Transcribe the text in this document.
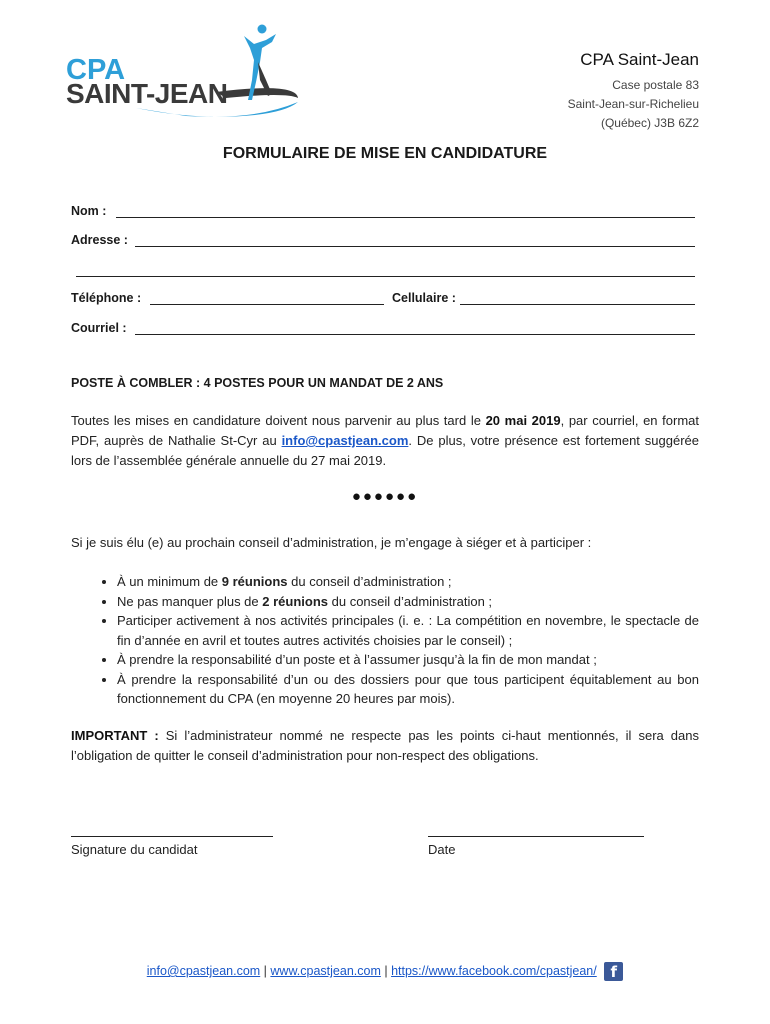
CPA
SAINT-JEAN
CPA Saint-Jean
Case postale 83
Saint-Jean-sur-Richelieu
(Québec) J3B 6Z2
FORMULAIRE DE MISE EN CANDIDATURE
Nom :
Adresse :
Téléphone :	Cellulaire :
Courriel :
POSTE À COMBLER : 4 POSTES POUR UN MANDAT DE 2 ANS
Toutes les mises en candidature doivent nous parvenir au plus tard le 20 mai 2019, par courriel, en format PDF, auprès de Nathalie St-Cyr au info@cpastjean.com. De plus, votre présence est fortement suggérée lors de l’assemblée générale annuelle du 27 mai 2019.
●●●●●●
Si je suis élu (e) au prochain conseil d’administration, je m’engage à siéger et à participer :
• À un minimum de 9 réunions du conseil d’administration ;
• Ne pas manquer plus de 2 réunions du conseil d’administration ;
• Participer activement à nos activités principales (i. e. : La compétition en novembre, le spectacle de fin d’année en avril et toutes autres activités choisies par le conseil) ;
• À prendre la responsabilité d’un poste et à l’assumer jusqu’à la fin de mon mandat ;
• À prendre la responsabilité d’un ou des dossiers pour que tous participent équitablement au bon fonctionnement du CPA (en moyenne 20 heures par mois).
IMPORTANT : Si l’administrateur nommé ne respecte pas les points ci-haut mentionnés, il sera dans l’obligation de quitter le conseil d’administration pour non-respect des obligations.
Signature du candidat	Date
info@cpastjean.com | www.cpastjean.com | https://www.facebook.com/cpastjean/ f
